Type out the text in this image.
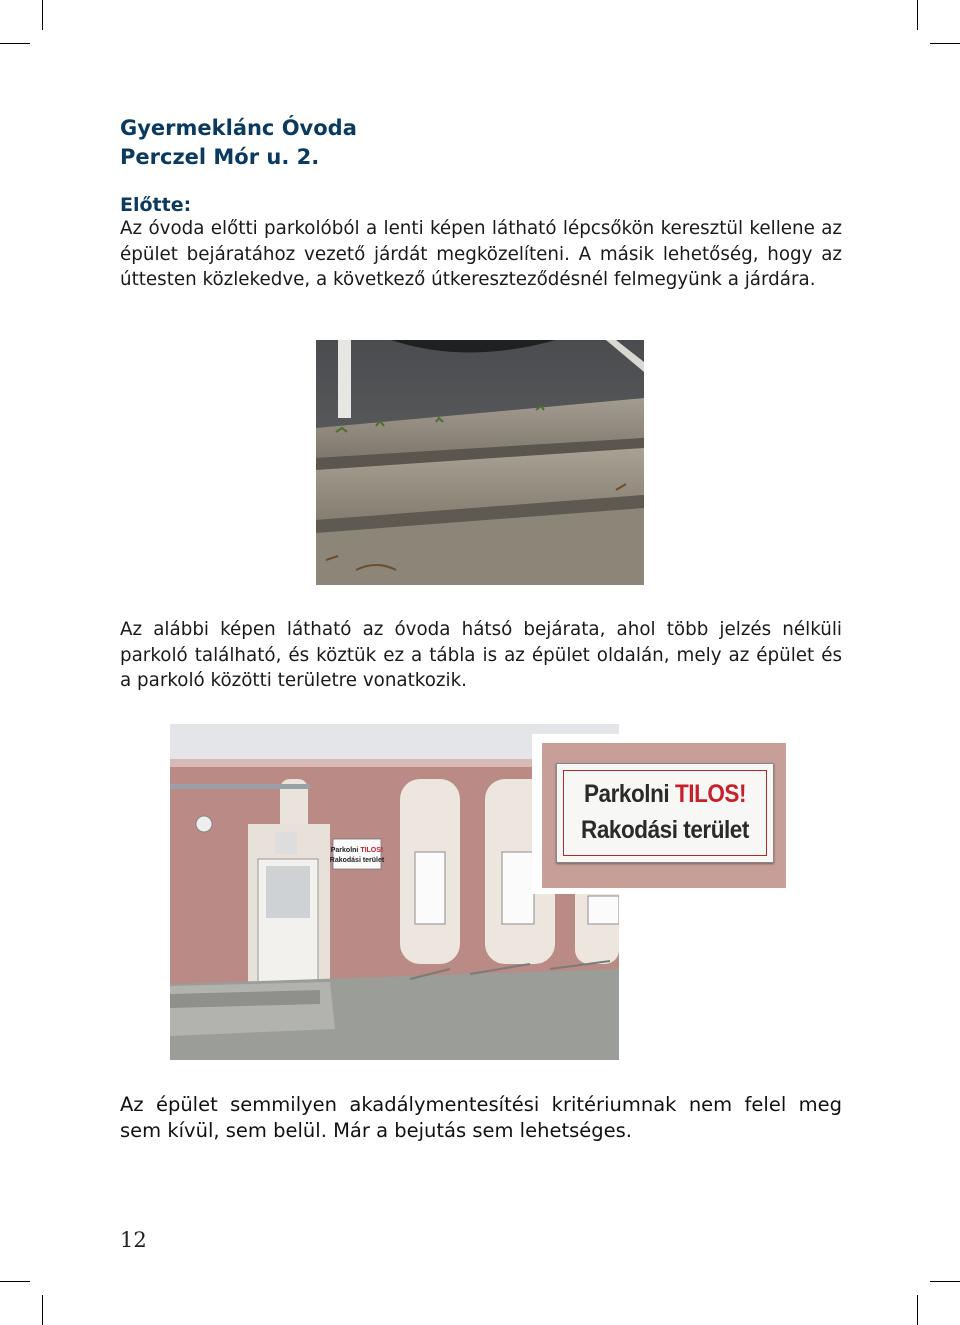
Gyermeklánc Óvoda
Perczel Mór u. 2.
Előtte:

Az óvoda előtti parkolóból a lenti képen látható lépcsőkön keresztül kellene az épület bejáratához vezető járdát megközelíteni. A másik lehetőség, hogy az úttesten közlekedve, a következő útkereszteződésnél felmegyünk a járdára.

Az alábbi képen látható az óvoda hátsó bejárata, ahol több jelzés nélküli parkoló található, és köztük ez a tábla is az épület oldalán, mely az épület és a parkoló közötti területre vonatkozik.

Parkolni TILOS!
Rakodási terület
Parkolni TILOS!
Rakodási terület

Az épület semmilyen akadálymentesítési kritériumnak nem felel meg sem kívül, sem belül. Már a bejutás sem lehetséges.

12
